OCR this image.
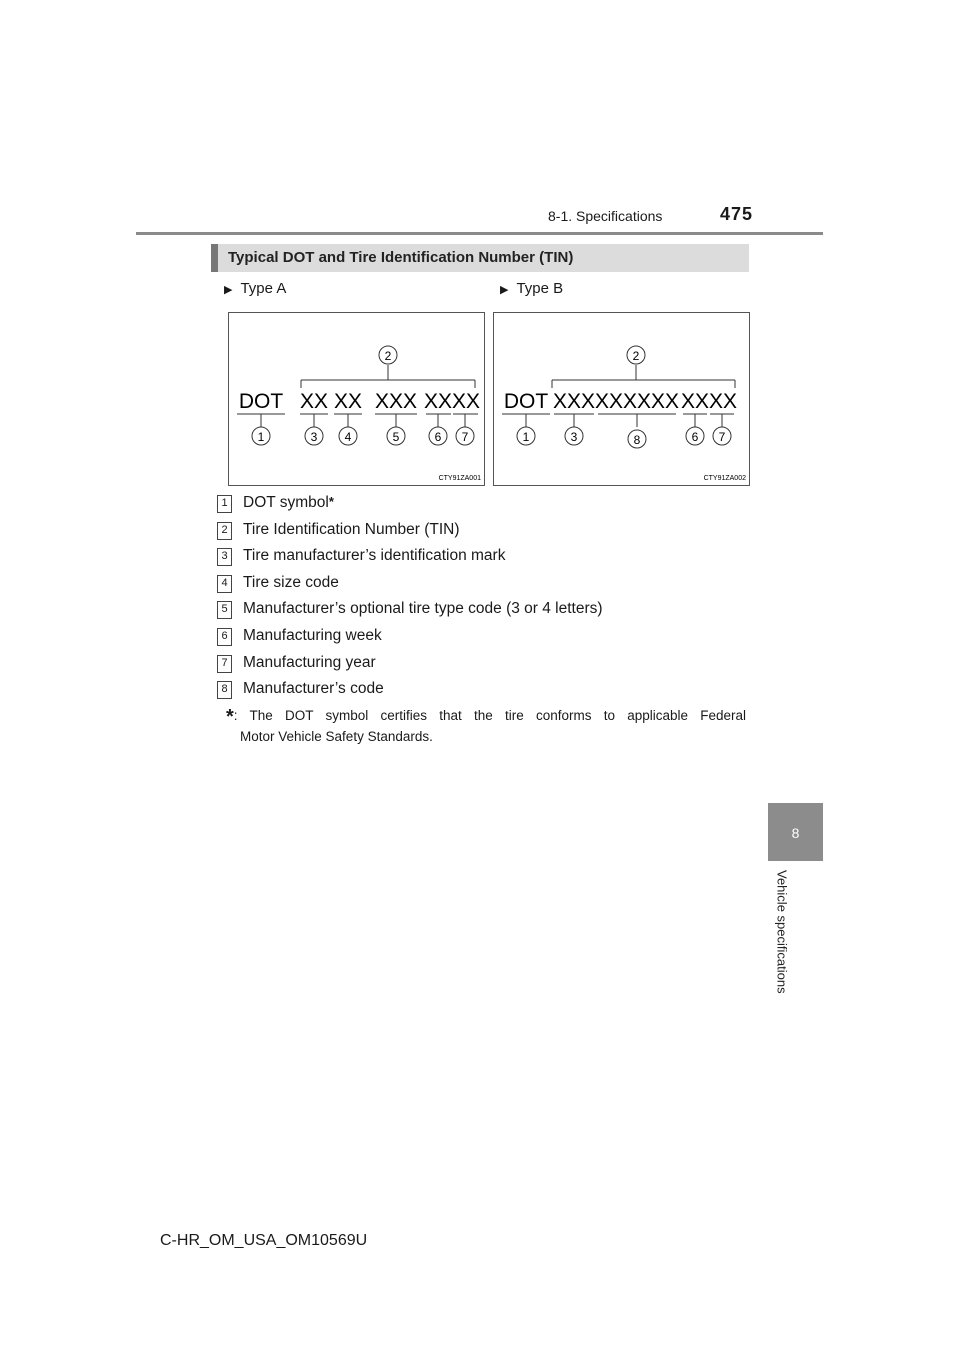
8-1. Specifications	475
8
Vehicle specifications
Typical DOT and Tire Identification Number (TIN)
▶ Type A	▶ Type B
2
DOT XX XX XXX XXXX
1	3 4	5	6 7
CTY91ZA001
2
DOT XXX XXXXXX XXXX
1	3	8	6 7
CTY91ZA002
1 DOT symbol*
2 Tire Identification Number (TIN)
3 Tire manufacturer’s identification mark
4 Tire size code
5 Manufacturer’s optional tire type code (3 or 4 letters)
6 Manufacturing week
7 Manufacturing year
8 Manufacturer’s code
*: The DOT symbol certifies that the tire conforms to applicable Federal
Motor Vehicle Safety Standards.
C-HR_OM_USA_OM10569U
